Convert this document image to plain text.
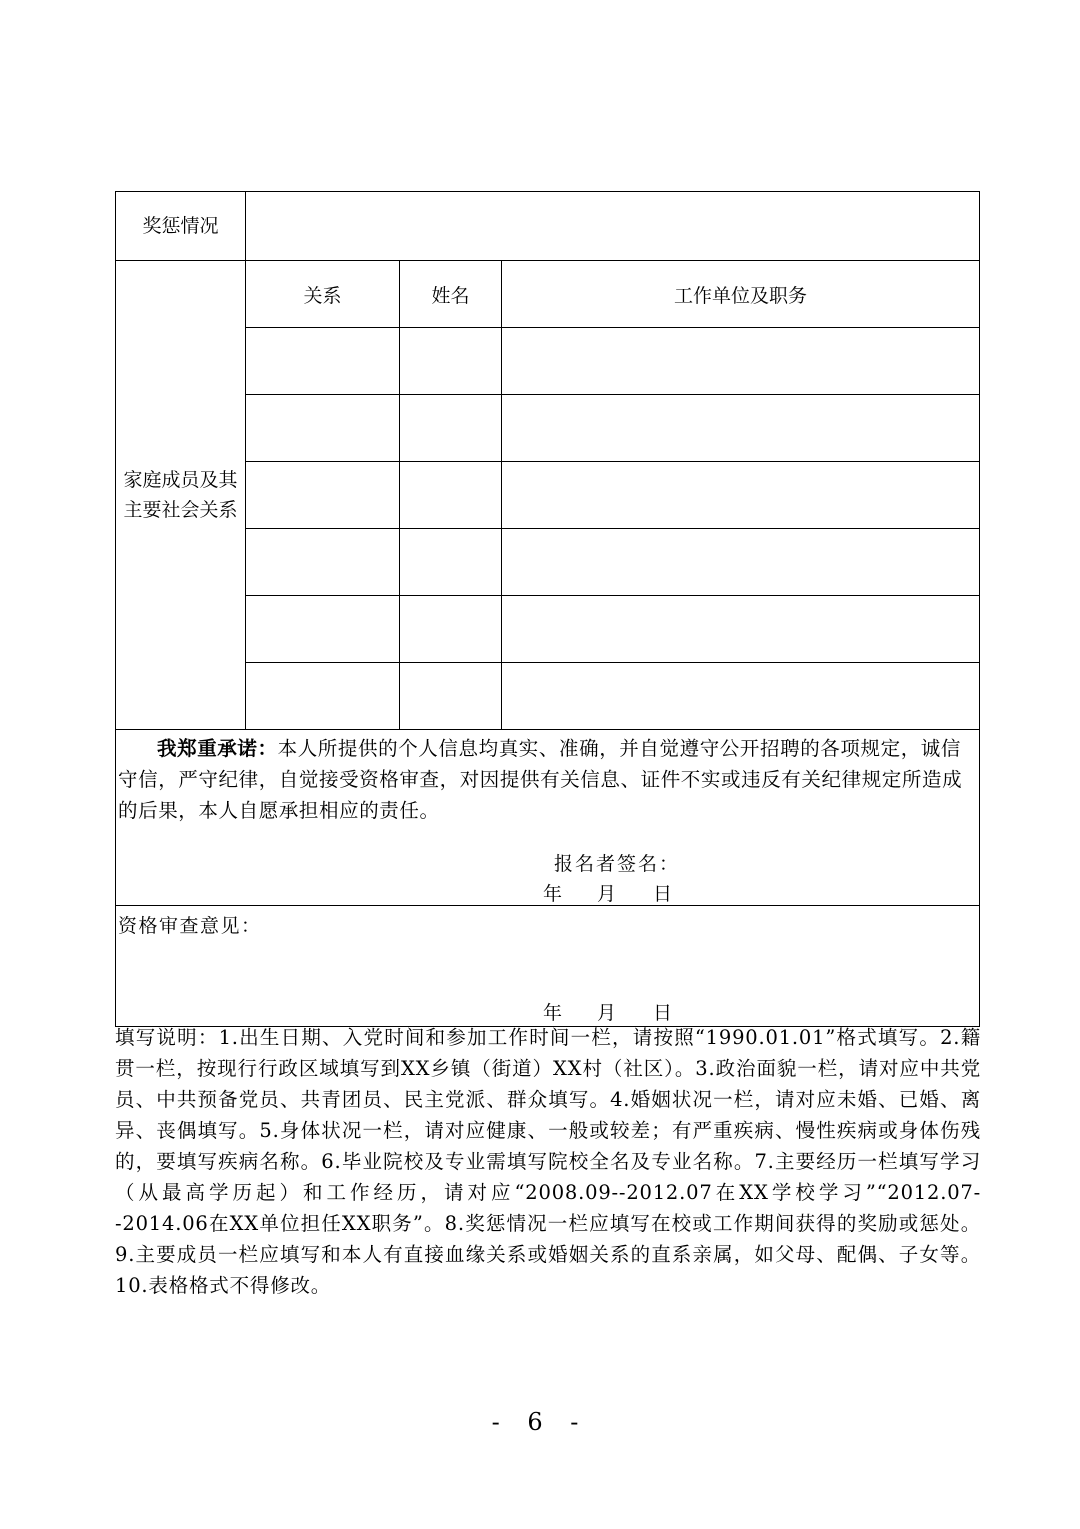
奖惩情况			
家庭成员及其主要社会关系	关系	姓名	工作单位及职务

我郑重承诺：本人所提供的个人信息均真实、准确，并自觉遵守公开招聘的各项规定，诚信守信，严守纪律，自觉接受资格审查，对因提供有关信息、证件不实或违反有关纪律规定所造成的后果，本人自愿承担相应的责任。
报名者签名：
年 月 日			

资格审查意见：
年 月 日			
填写说明：1.出生日期、入党时间和参加工作时间一栏，请按照“1990.01.01”格式填写。2.籍贯一栏，按现行行政区域填写到XX乡镇（街道）XX村（社区）。3.政治面貌一栏，请对应中共党员、中共预备党员、共青团员、民主党派、群众填写。4.婚姻状况一栏，请对应未婚、已婚、离异、丧偶填写。5.身体状况一栏，请对应健康、一般或较差；有严重疾病、慢性疾病或身体伤残的，要填写疾病名称。6.毕业院校及专业需填写院校全名及专业名称。7.主要经历一栏填写学习（从最高学历起）和工作经历，请对应“2008.09--2012.07在XX学校学习”“2012.07--2014.06在XX单位担任XX职务”。8.奖惩情况一栏应填写在校或工作期间获得的奖励或惩处。9.主要成员一栏应填写和本人有直接血缘关系或婚姻关系的直系亲属，如父母、配偶、子女等。10.表格格式不得修改。
- 6 -
